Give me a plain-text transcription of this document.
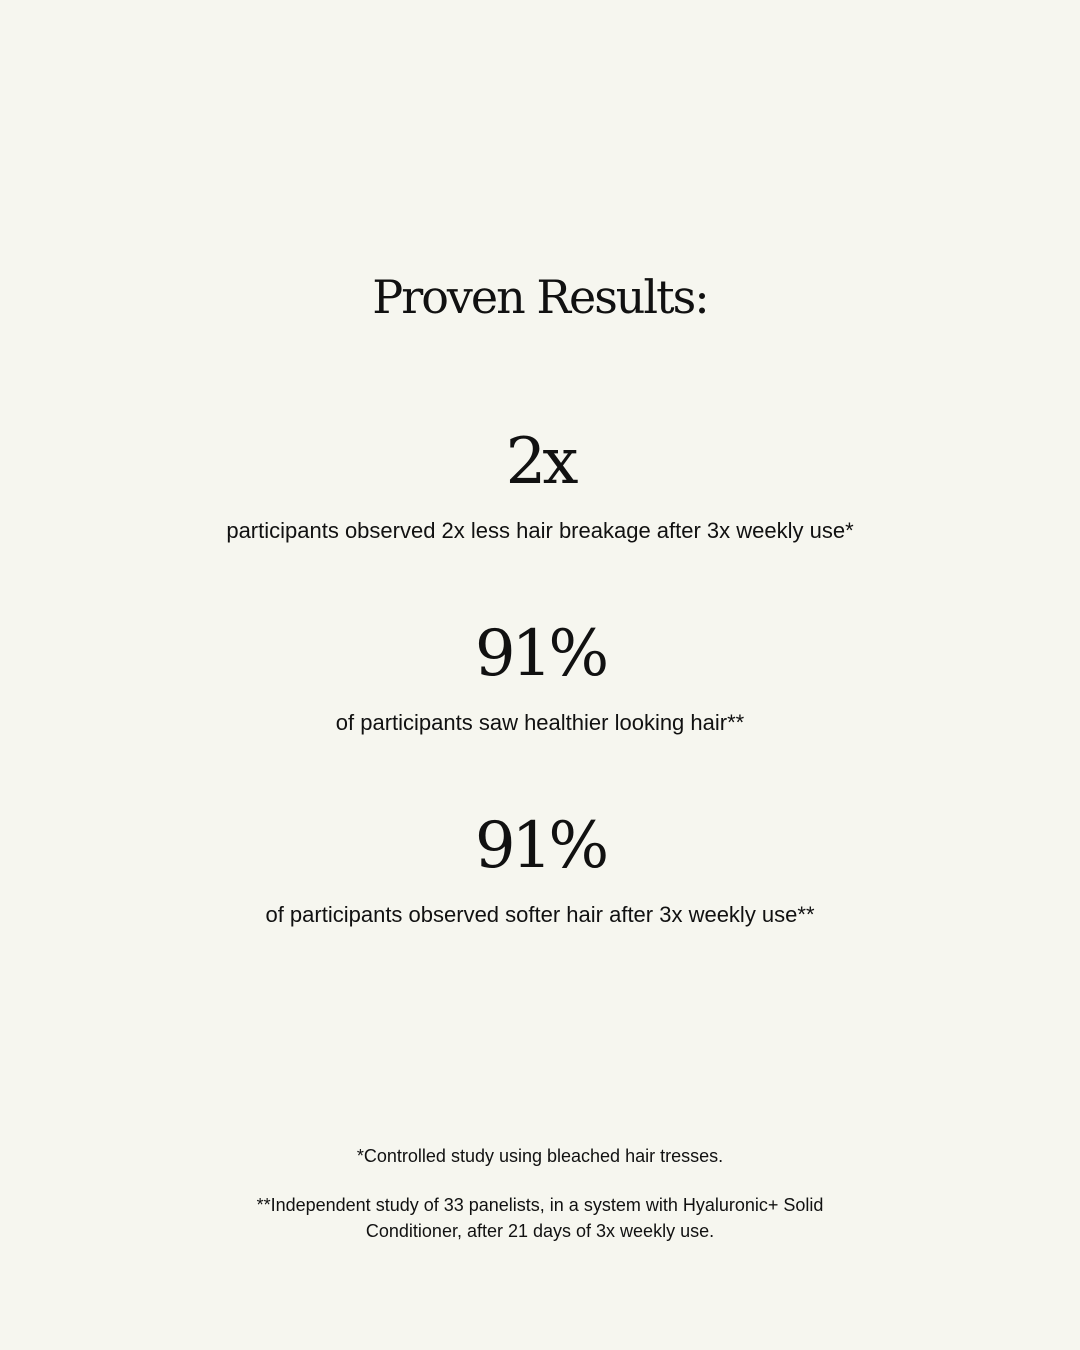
Proven Results:
2x
participants observed 2x less hair breakage after 3x weekly use*
91%
of participants saw healthier looking hair**
91%
of participants observed softer hair after 3x weekly use**
*Controlled study using bleached hair tresses.
**Independent study of 33 panelists, in a system with Hyaluronic+ Solid Conditioner, after 21 days of 3x weekly use.
